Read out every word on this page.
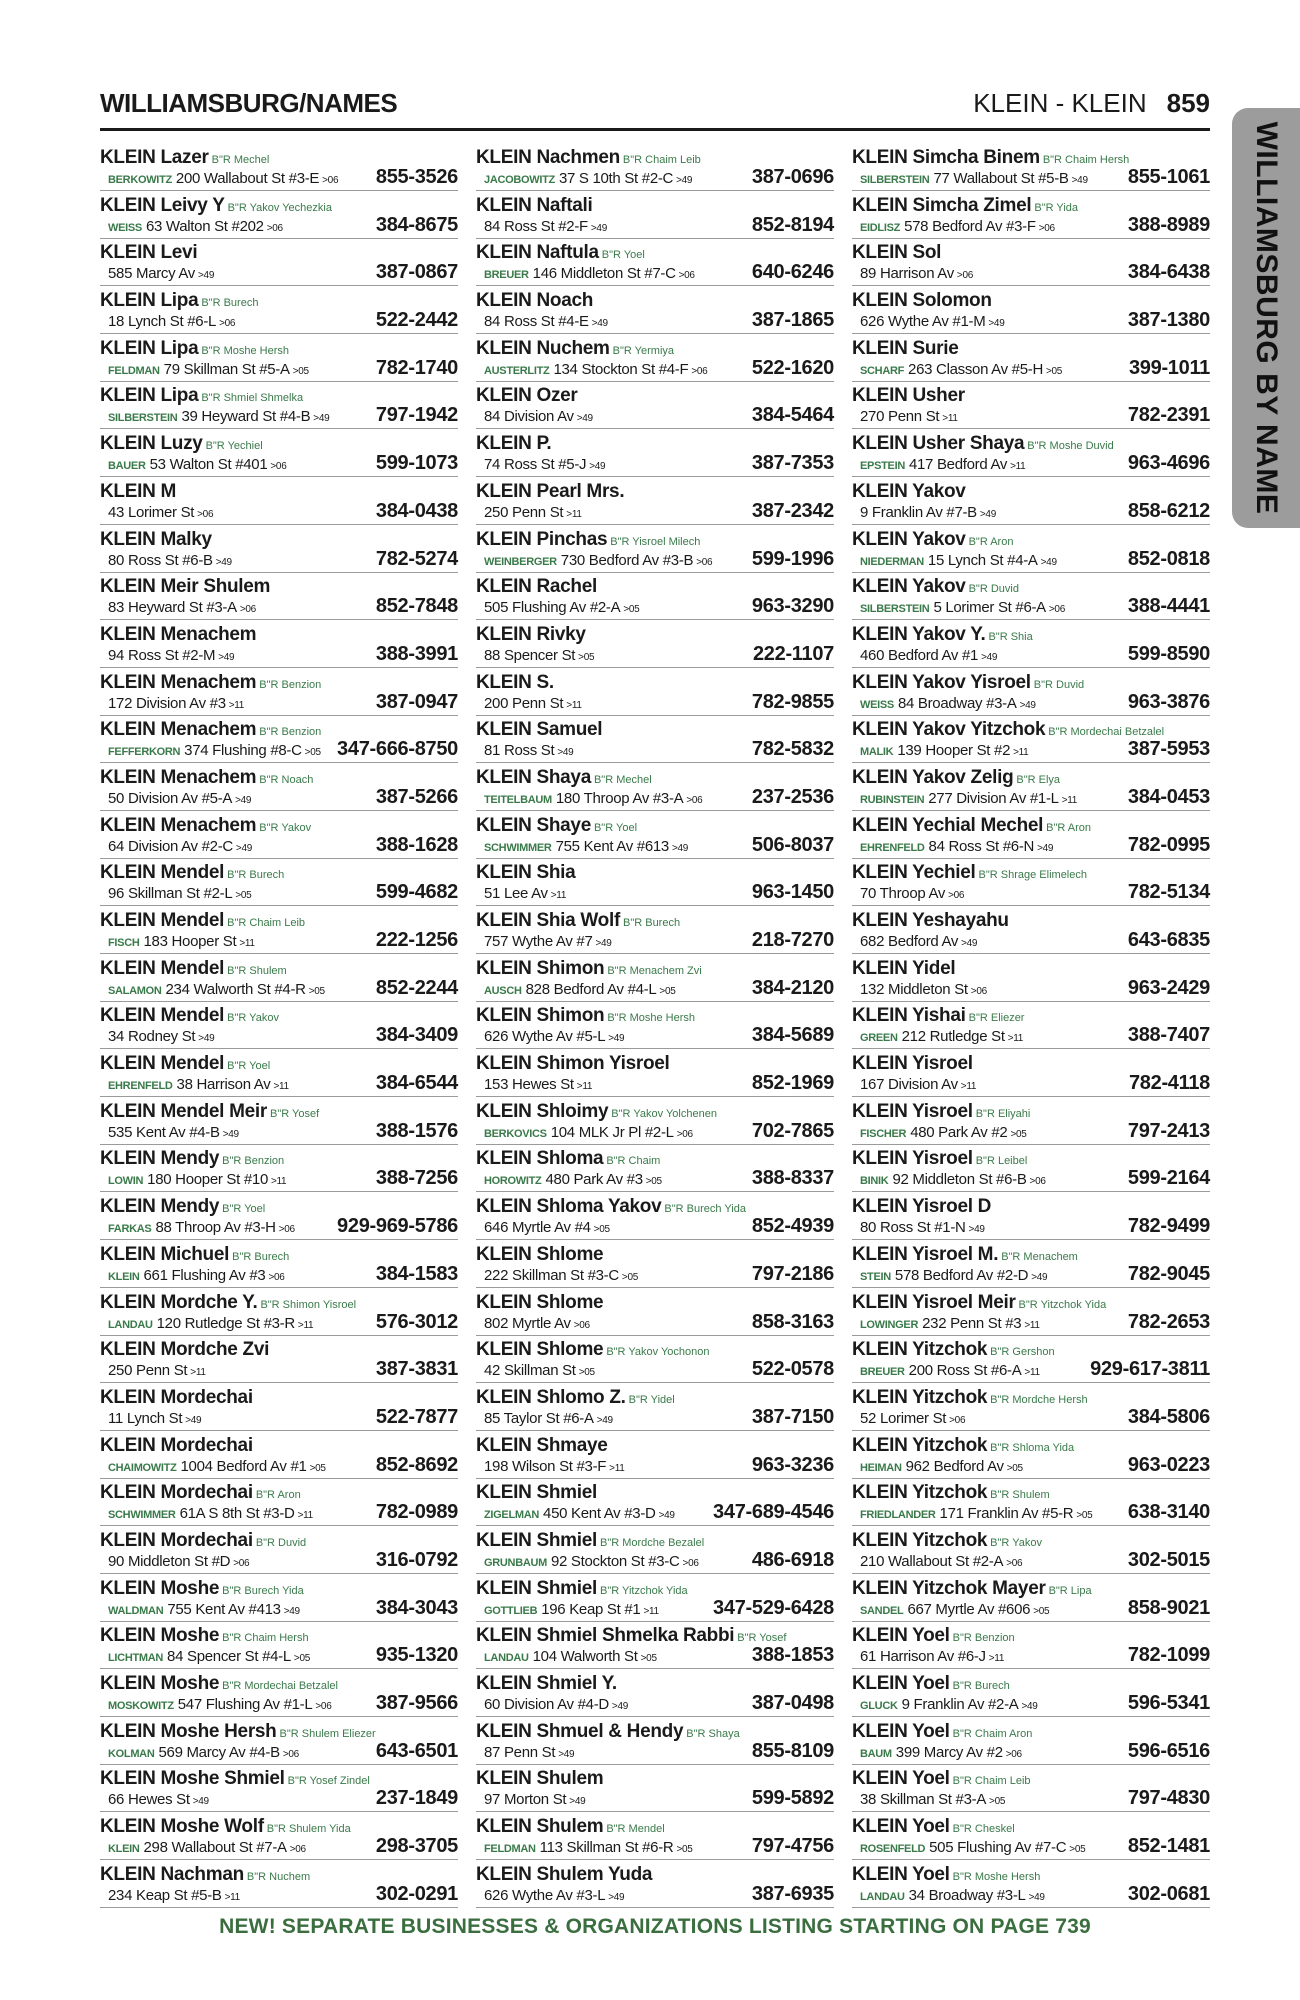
WILLIAMSBURG/NAMES	KLEIN - KLEIN 859
WILLIAMSBURG BY NAME
KLEIN Lazer B"R Mechel
BERKOWITZ 200 Wallabout St #3-E >06 855-3526
KLEIN Leivy Y B"R Yakov Yechezkia
WEISS 63 Walton St #202 >06	384-8675
KLEIN Levi
585 Marcy Av >49	387-0867
KLEIN Lipa B"R Burech
18 Lynch St #6-L >06	522-2442
KLEIN Lipa B"R Moshe Hersh
FELDMAN 79 Skillman St #5-A >05	782-1740
KLEIN Lipa B"R Shmiel Shmelka
SILBERSTEIN 39 Heyward St #4-B >49 797-1942
KLEIN Luzy B"R Yechiel
BAUER 53 Walton St #401 >06	599-1073
KLEIN M
43 Lorimer St >06	384-0438
KLEIN Malky
80 Ross St #6-B >49	782-5274
KLEIN Meir Shulem
83 Heyward St #3-A >06	852-7848
KLEIN Menachem
94 Ross St #2-M >49	388-3991
KLEIN Menachem B"R Benzion
172 Division Av #3 >11	387-0947
KLEIN Menachem B"R Benzion
FEFFERKORN 374 Flushing #8-C >05 347-666-8750
KLEIN Menachem B"R Noach
50 Division Av #5-A >49	387-5266
KLEIN Menachem B"R Yakov
64 Division Av #2-C >49	388-1628
KLEIN Mendel B"R Burech
96 Skillman St #2-L >05	599-4682
KLEIN Mendel B"R Chaim Leib
FISCH 183 Hooper St >11	222-1256
KLEIN Mendel B"R Shulem
SALAMON 234 Walworth St #4-R >05	852-2244
KLEIN Mendel B"R Yakov
34 Rodney St >49	384-3409
KLEIN Mendel B"R Yoel
EHRENFELD 38 Harrison Av >11	384-6544
KLEIN Mendel Meir B"R Yosef
535 Kent Av #4-B >49	388-1576
KLEIN Mendy B"R Benzion
LOWIN 180 Hooper St #10 >11	388-7256
KLEIN Mendy B"R Yoel
FARKAS 88 Throop Av #3-H >06 929-969-5786
KLEIN Michuel B"R Burech
KLEIN 661 Flushing Av #3 >06	384-1583
KLEIN Mordche Y. B"R Shimon Yisroel
LANDAU 120 Rutledge St #3-R >11	576-3012
KLEIN Mordche Zvi
250 Penn St >11	387-3831
KLEIN Mordechai
11 Lynch St >49	522-7877
KLEIN Mordechai
CHAIMOWITZ 1004 Bedford Av #1 >05	852-8692
KLEIN Mordechai B"R Aron
SCHWIMMER 61A S 8th St #3-D >11	782-0989
KLEIN Mordechai B"R Duvid
90 Middleton St #D >06	316-0792
KLEIN Moshe B"R Burech Yida
WALDMAN 755 Kent Av #413 >49	384-3043
KLEIN Moshe B"R Chaim Hersh
LICHTMAN 84 Spencer St #4-L >05	935-1320
KLEIN Moshe B"R Mordechai Betzalel
MOSKOWITZ 547 Flushing Av #1-L >06 387-9566
KLEIN Moshe Hersh B"R Shulem Eliezer
KOLMAN 569 Marcy Av #4-B >06	643-6501
KLEIN Moshe Shmiel B"R Yosef Zindel
66 Hewes St >49	237-1849
KLEIN Moshe Wolf B"R Shulem Yida
KLEIN 298 Wallabout St #7-A >06	298-3705
KLEIN Nachman B"R Nuchem
234 Keap St #5-B >11	302-0291
KLEIN Nachmen B"R Chaim Leib
JACOBOWITZ 37 S 10th St #2-C >49	387-0696
KLEIN Naftali
84 Ross St #2-F >49	852-8194
KLEIN Naftula B"R Yoel
BREUER 146 Middleton St #7-C >06	640-6246
KLEIN Noach
84 Ross St #4-E >49	387-1865
KLEIN Nuchem B"R Yermiya
AUSTERLITZ 134 Stockton St #4-F >06 522-1620
KLEIN Ozer
84 Division Av >49	384-5464
KLEIN P.
74 Ross St #5-J >49	387-7353
KLEIN Pearl Mrs.
250 Penn St >11	387-2342
KLEIN Pinchas B"R Yisroel Milech
WEINBERGER 730 Bedford Av #3-B >06 599-1996
KLEIN Rachel
505 Flushing Av #2-A >05	963-3290
KLEIN Rivky
88 Spencer St >05	222-1107
KLEIN S.
200 Penn St >11	782-9855
KLEIN Samuel
81 Ross St >49	782-5832
KLEIN Shaya B"R Mechel
TEITELBAUM 180 Throop Av #3-A >06 237-2536
KLEIN Shaye B"R Yoel
SCHWIMMER 755 Kent Av #613 >49	506-8037
KLEIN Shia
51 Lee Av >11	963-1450
KLEIN Shia Wolf B"R Burech
757 Wythe Av #7 >49	218-7270
KLEIN Shimon B"R Menachem Zvi
AUSCH 828 Bedford Av #4-L >05	384-2120
KLEIN Shimon B"R Moshe Hersh
626 Wythe Av #5-L >49	384-5689
KLEIN Shimon Yisroel
153 Hewes St >11	852-1969
KLEIN Shloimy B"R Yakov Yolchenen
BERKOVICS 104 MLK Jr Pl #2-L >06	702-7865
KLEIN Shloma B"R Chaim
HOROWITZ 480 Park Av #3 >05	388-8337
KLEIN Shloma Yakov B"R Burech Yida
646 Myrtle Av #4 >05	852-4939
KLEIN Shlome
222 Skillman St #3-C >05	797-2186
KLEIN Shlome
802 Myrtle Av >06	858-3163
KLEIN Shlome B"R Yakov Yochonon
42 Skillman St >05	522-0578
KLEIN Shlomo Z. B"R Yidel
85 Taylor St #6-A >49	387-7150
KLEIN Shmaye
198 Wilson St #3-F >11	963-3236
KLEIN Shmiel
ZIGELMAN 450 Kent Av #3-D >49 347-689-4546
KLEIN Shmiel B"R Mordche Bezalel
GRUNBAUM 92 Stockton St #3-C >06	486-6918
KLEIN Shmiel B"R Yitzchok Yida
GOTTLIEB 196 Keap St #1 >11	347-529-6428
KLEIN Shmiel Shmelka Rabbi B"R Yosef
LANDAU 104 Walworth St >05	388-1853
KLEIN Shmiel Y.
60 Division Av #4-D >49	387-0498
KLEIN Shmuel & Hendy B"R Shaya
87 Penn St >49	855-8109
KLEIN Shulem
97 Morton St >49	599-5892
KLEIN Shulem B"R Mendel
FELDMAN 113 Skillman St #6-R >05	797-4756
KLEIN Shulem Yuda
626 Wythe Av #3-L >49	387-6935
KLEIN Simcha Binem B"R Chaim Hersh
SILBERSTEIN 77 Wallabout St #5-B >49 855-1061
KLEIN Simcha Zimel B"R Yida
EIDLISZ 578 Bedford Av #3-F >06	388-8989
KLEIN Sol
89 Harrison Av >06	384-6438
KLEIN Solomon
626 Wythe Av #1-M >49	387-1380
KLEIN Surie
SCHARF 263 Classon Av #5-H >05	399-1011
KLEIN Usher
270 Penn St >11	782-2391
KLEIN Usher Shaya B"R Moshe Duvid
EPSTEIN 417 Bedford Av >11	963-4696
KLEIN Yakov
9 Franklin Av #7-B >49	858-6212
KLEIN Yakov B"R Aron
NIEDERMAN 15 Lynch St #4-A >49	852-0818
KLEIN Yakov B"R Duvid
SILBERSTEIN 5 Lorimer St #6-A >06	388-4441
KLEIN Yakov Y. B"R Shia
460 Bedford Av #1 >49	599-8590
KLEIN Yakov Yisroel B"R Duvid
WEISS 84 Broadway #3-A >49	963-3876
KLEIN Yakov Yitzchok B"R Mordechai Betzalel
MALIK 139 Hooper St #2 >11	387-5953
KLEIN Yakov Zelig B"R Elya
RUBINSTEIN 277 Division Av #1-L >11	384-0453
KLEIN Yechial Mechel B"R Aron
EHRENFELD 84 Ross St #6-N >49	782-0995
KLEIN Yechiel B"R Shrage Elimelech
70 Throop Av >06	782-5134
KLEIN Yeshayahu
682 Bedford Av >49	643-6835
KLEIN Yidel
132 Middleton St >06	963-2429
KLEIN Yishai B"R Eliezer
GREEN 212 Rutledge St >11	388-7407
KLEIN Yisroel
167 Division Av >11	782-4118
KLEIN Yisroel B"R Eliyahi
FISCHER 480 Park Av #2 >05	797-2413
KLEIN Yisroel B"R Leibel
BINIK 92 Middleton St #6-B >06	599-2164
KLEIN Yisroel D
80 Ross St #1-N >49	782-9499
KLEIN Yisroel M. B"R Menachem
STEIN 578 Bedford Av #2-D >49	782-9045
KLEIN Yisroel Meir B"R Yitzchok Yida
LOWINGER 232 Penn St #3 >11	782-2653
KLEIN Yitzchok B"R Gershon
BREUER 200 Ross St #6-A >11	929-617-3811
KLEIN Yitzchok B"R Mordche Hersh
52 Lorimer St >06	384-5806
KLEIN Yitzchok B"R Shloma Yida
HEIMAN 962 Bedford Av >05	963-0223
KLEIN Yitzchok B"R Shulem
FRIEDLANDER 171 Franklin Av #5-R >05 638-3140
KLEIN Yitzchok B"R Yakov
210 Wallabout St #2-A >06	302-5015
KLEIN Yitzchok Mayer B"R Lipa
SANDEL 667 Myrtle Av #606 >05	858-9021
KLEIN Yoel B"R Benzion
61 Harrison Av #6-J >11	782-1099
KLEIN Yoel B"R Burech
GLUCK 9 Franklin Av #2-A >49	596-5341
KLEIN Yoel B"R Chaim Aron
BAUM 399 Marcy Av #2 >06	596-6516
KLEIN Yoel B"R Chaim Leib
38 Skillman St #3-A >05	797-4830
KLEIN Yoel B"R Cheskel
ROSENFELD 505 Flushing Av #7-C >05 852-1481
KLEIN Yoel B"R Moshe Hersh
LANDAU 34 Broadway #3-L >49	302-0681
NEW! SEPARATE BUSINESSES & ORGANIZATIONS LISTING STARTING ON PAGE 739
